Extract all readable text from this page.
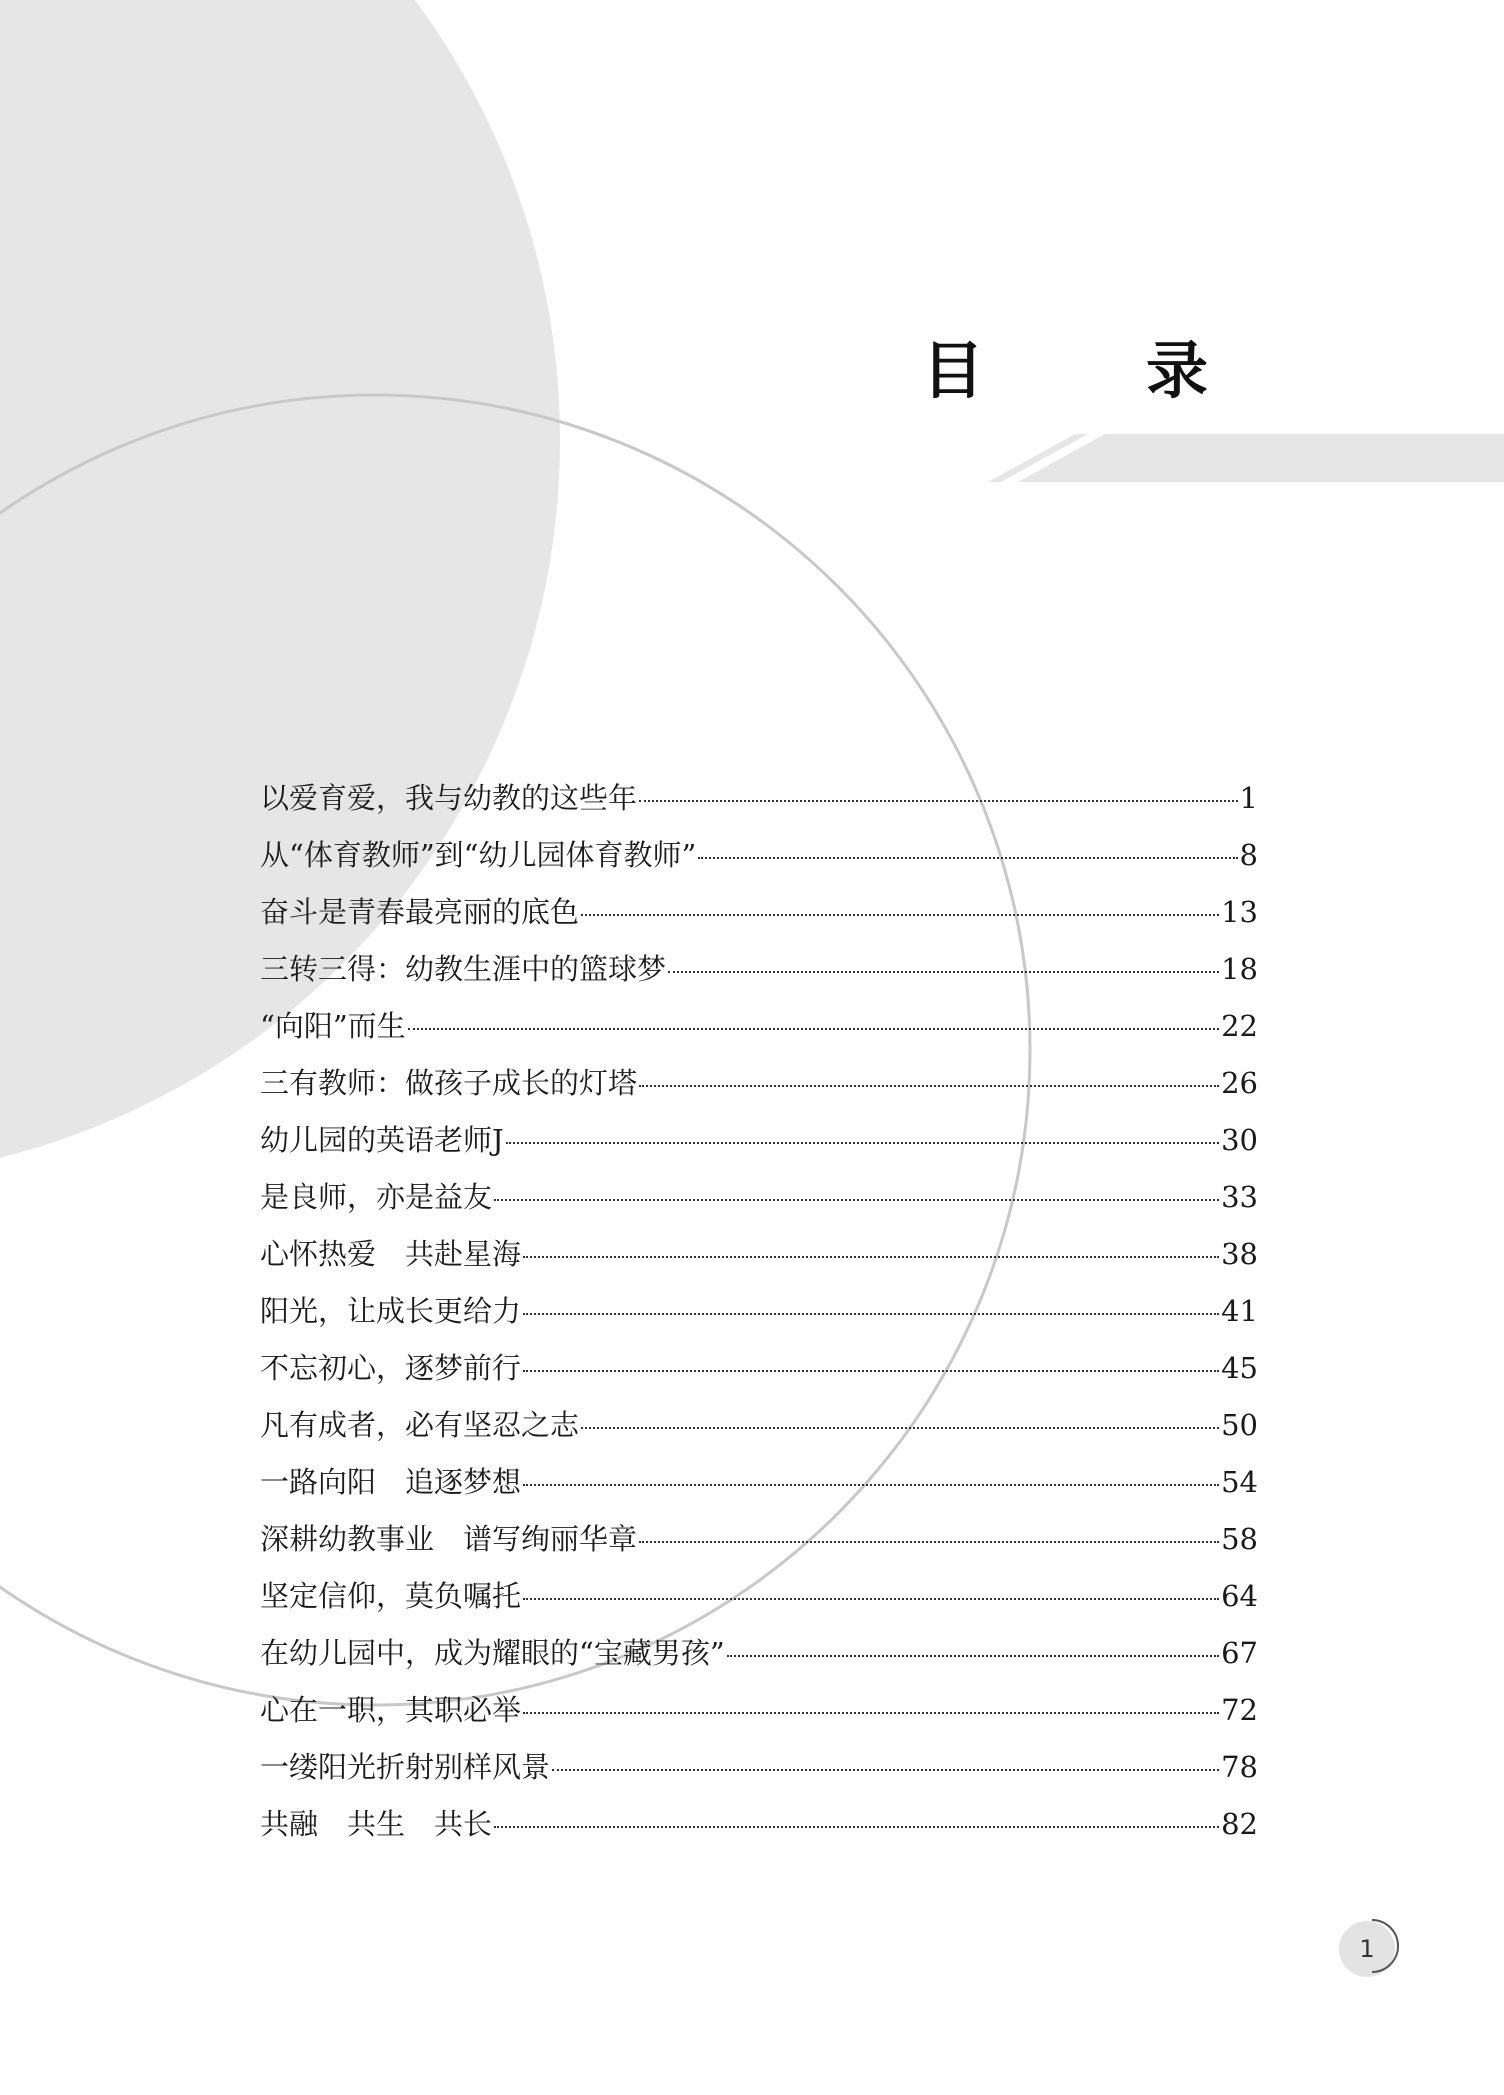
目　录
以爱育爱，我与幼教的这些年	1
从“体育教师”到“幼儿园体育教师”	8
奋斗是青春最亮丽的底色	13
三转三得：幼教生涯中的篮球梦	18
“向阳”而生	22
三有教师：做孩子成长的灯塔	26
幼儿园的英语老师J	30
是良师，亦是益友	33
心怀热爱　共赴星海	38
阳光，让成长更给力	41
不忘初心，逐梦前行	45
凡有成者，必有坚忍之志	50
一路向阳　追逐梦想	54
深耕幼教事业　谱写绚丽华章	58
坚定信仰，莫负嘱托	64
在幼儿园中，成为耀眼的“宝藏男孩”	67
心在一职，其职必举	72
一缕阳光折射别样风景	78
共融　共生　共长	82
1
